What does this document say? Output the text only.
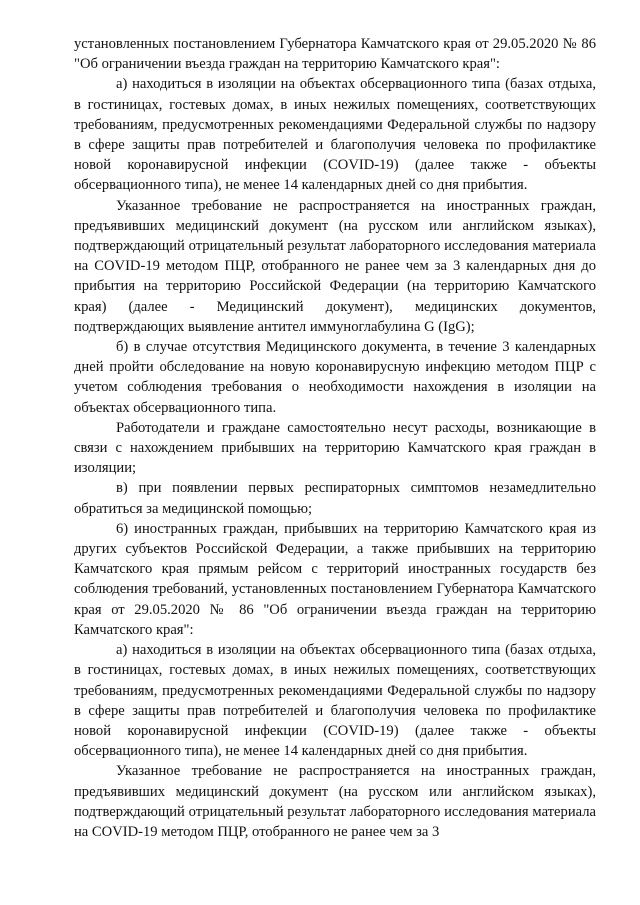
установленных постановлением Губернатора Камчатского края от 29.05.2020 № 86 "Об ограничении въезда граждан на территорию Камчатского края":

а) находиться в изоляции на объектах обсервационного типа (базах отдыха, в гостиницах, гостевых домах, в иных нежилых помещениях, соответствующих требованиям, предусмотренных рекомендациями Федеральной службы по надзору в сфере защиты прав потребителей и благополучия человека по профилактике новой коронавирусной инфекции (COVID-19) (далее также - объекты обсервационного типа), не менее 14 календарных дней со дня прибытия.

Указанное требование не распространяется на иностранных граждан, предъявивших медицинский документ (на русском или английском языках), подтверждающий отрицательный результат лабораторного исследования материала на COVID-19 методом ПЦР, отобранного не ранее чем за 3 календарных дня до прибытия на территорию Российской Федерации (на территорию Камчатского края) (далее - Медицинский документ), медицинских документов, подтверждающих выявление антител иммуноглабулина G (IgG);

б) в случае отсутствия Медицинского документа, в течение 3 календарных дней пройти обследование на новую коронавирусную инфекцию методом ПЦР с учетом соблюдения требования о необходимости нахождения в изоляции на объектах обсервационного типа.

Работодатели и граждане самостоятельно несут расходы, возникающие в связи с нахождением прибывших на территорию Камчатского края граждан в изоляции;

в) при появлении первых респираторных симптомов незамедлительно обратиться за медицинской помощью;

6) иностранных граждан, прибывших на территорию Камчатского края из других субъектов Российской Федерации, а также прибывших на территорию Камчатского края прямым рейсом с территорий иностранных государств без соблюдения требований, установленных постановлением Губернатора Камчатского края от 29.05.2020 № 86 "Об ограничении въезда граждан на территорию Камчатского края":

а) находиться в изоляции на объектах обсервационного типа (базах отдыха, в гостиницах, гостевых домах, в иных нежилых помещениях, соответствующих требованиям, предусмотренных рекомендациями Федеральной службы по надзору в сфере защиты прав потребителей и благополучия человека по профилактике новой коронавирусной инфекции (COVID-19) (далее также - объекты обсервационного типа), не менее 14 календарных дней со дня прибытия.

Указанное требование не распространяется на иностранных граждан, предъявивших медицинский документ (на русском или английском языках), подтверждающий отрицательный результат лабораторного исследования материала на COVID-19 методом ПЦР, отобранного не ранее чем за 3
